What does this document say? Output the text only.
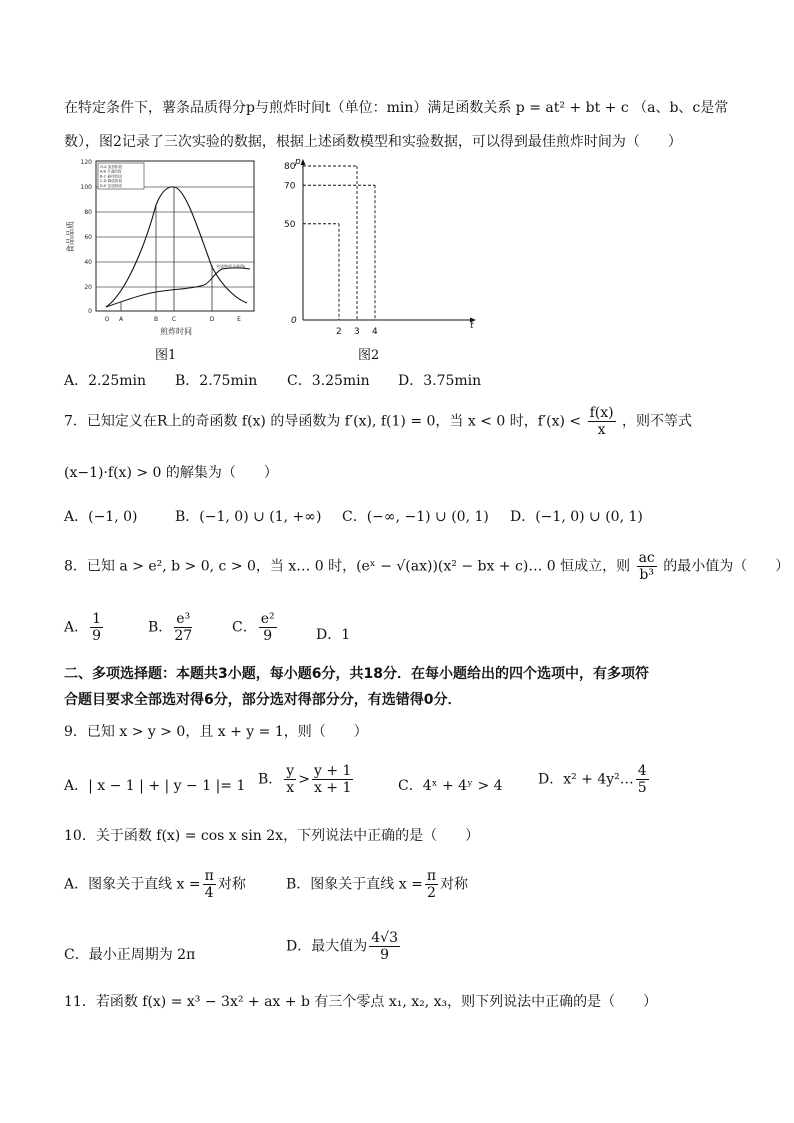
在特定条件下，薯条品质得分p与煎炸时间t（单位：min）满足函数关系 p = at² + bt + c （a、b、c是常
数），图2记录了三次实验的数据，根据上述函数模型和实验数据，可以得到最佳煎炸时间为（　　）
120
100
80
60
40
20
0
食品品质
O-A 加热阶段
A-B 升温阶段
B-C 最佳阶段
C-D 降质阶段
D-E 变质阶段
劣质物质含量/%
O A	B C	D	E
煎炸时间
图1
p
t
0
80
70
50
2 3 4
图2
A．2.25min B．2.75min C．3.25min D．3.75min
7．已知定义在R上的奇函数 f(x) 的导函数为 f′(x), f(1) = 0，当 x < 0 时，$f'(x) < \frac{f(x)}{x}$ ，则不等式
(x−1)·f(x) > 0 的解集为（　　）
A．(−1, 0)	B．(−1, 0) ∪ (1, +∞) C．(−∞, −1) ∪ (0, 1) D．(−1, 0) ∪ (0, 1)
8．已知 a > e², b > 0, c > 0，当 x… 0 时，(eˣ − √(ax))(x² − bx + c)… 0 恒成立，则 $\frac{ac}{\text{b³}}$ 的最小值为（　　）
A． $\frac{1}{9}$	B． $\frac{\text{e³}}{27}$	C． $\frac{\text{e²}}{9}$	D．1
二、多项选择题：本题共3小题，每小题6分，共18分．在每小题给出的四个选项中，有多项符
合题目要求全部选对得6分，部分选对得部分分，有选错得0分．
9．已知 x > y > 0，且 x + y = 1，则（　　）
A．| x − 1 | + | y − 1 |= 1 B． $\frac{y}{x} > \frac{y + 1}{x + 1}$	C．4ˣ + 4ʸ > 4	D．x² + 4y²… $\frac{4}{5}$
10．关于函数 f(x) = cos x sin 2x，下列说法中正确的是（　　）
A．图象关于直线 $x = \frac{\pi}{4}$ 对称	B．图象关于直线 $x = \frac{\pi}{2}$ 对称
C．最小正周期为 2π
D．最大值为 $\frac{4√3}{9}$
11．若函数 f(x) = x³ − 3x² + ax + b 有三个零点 x₁, x₂, x₃，则下列说法中正确的是（　　）
